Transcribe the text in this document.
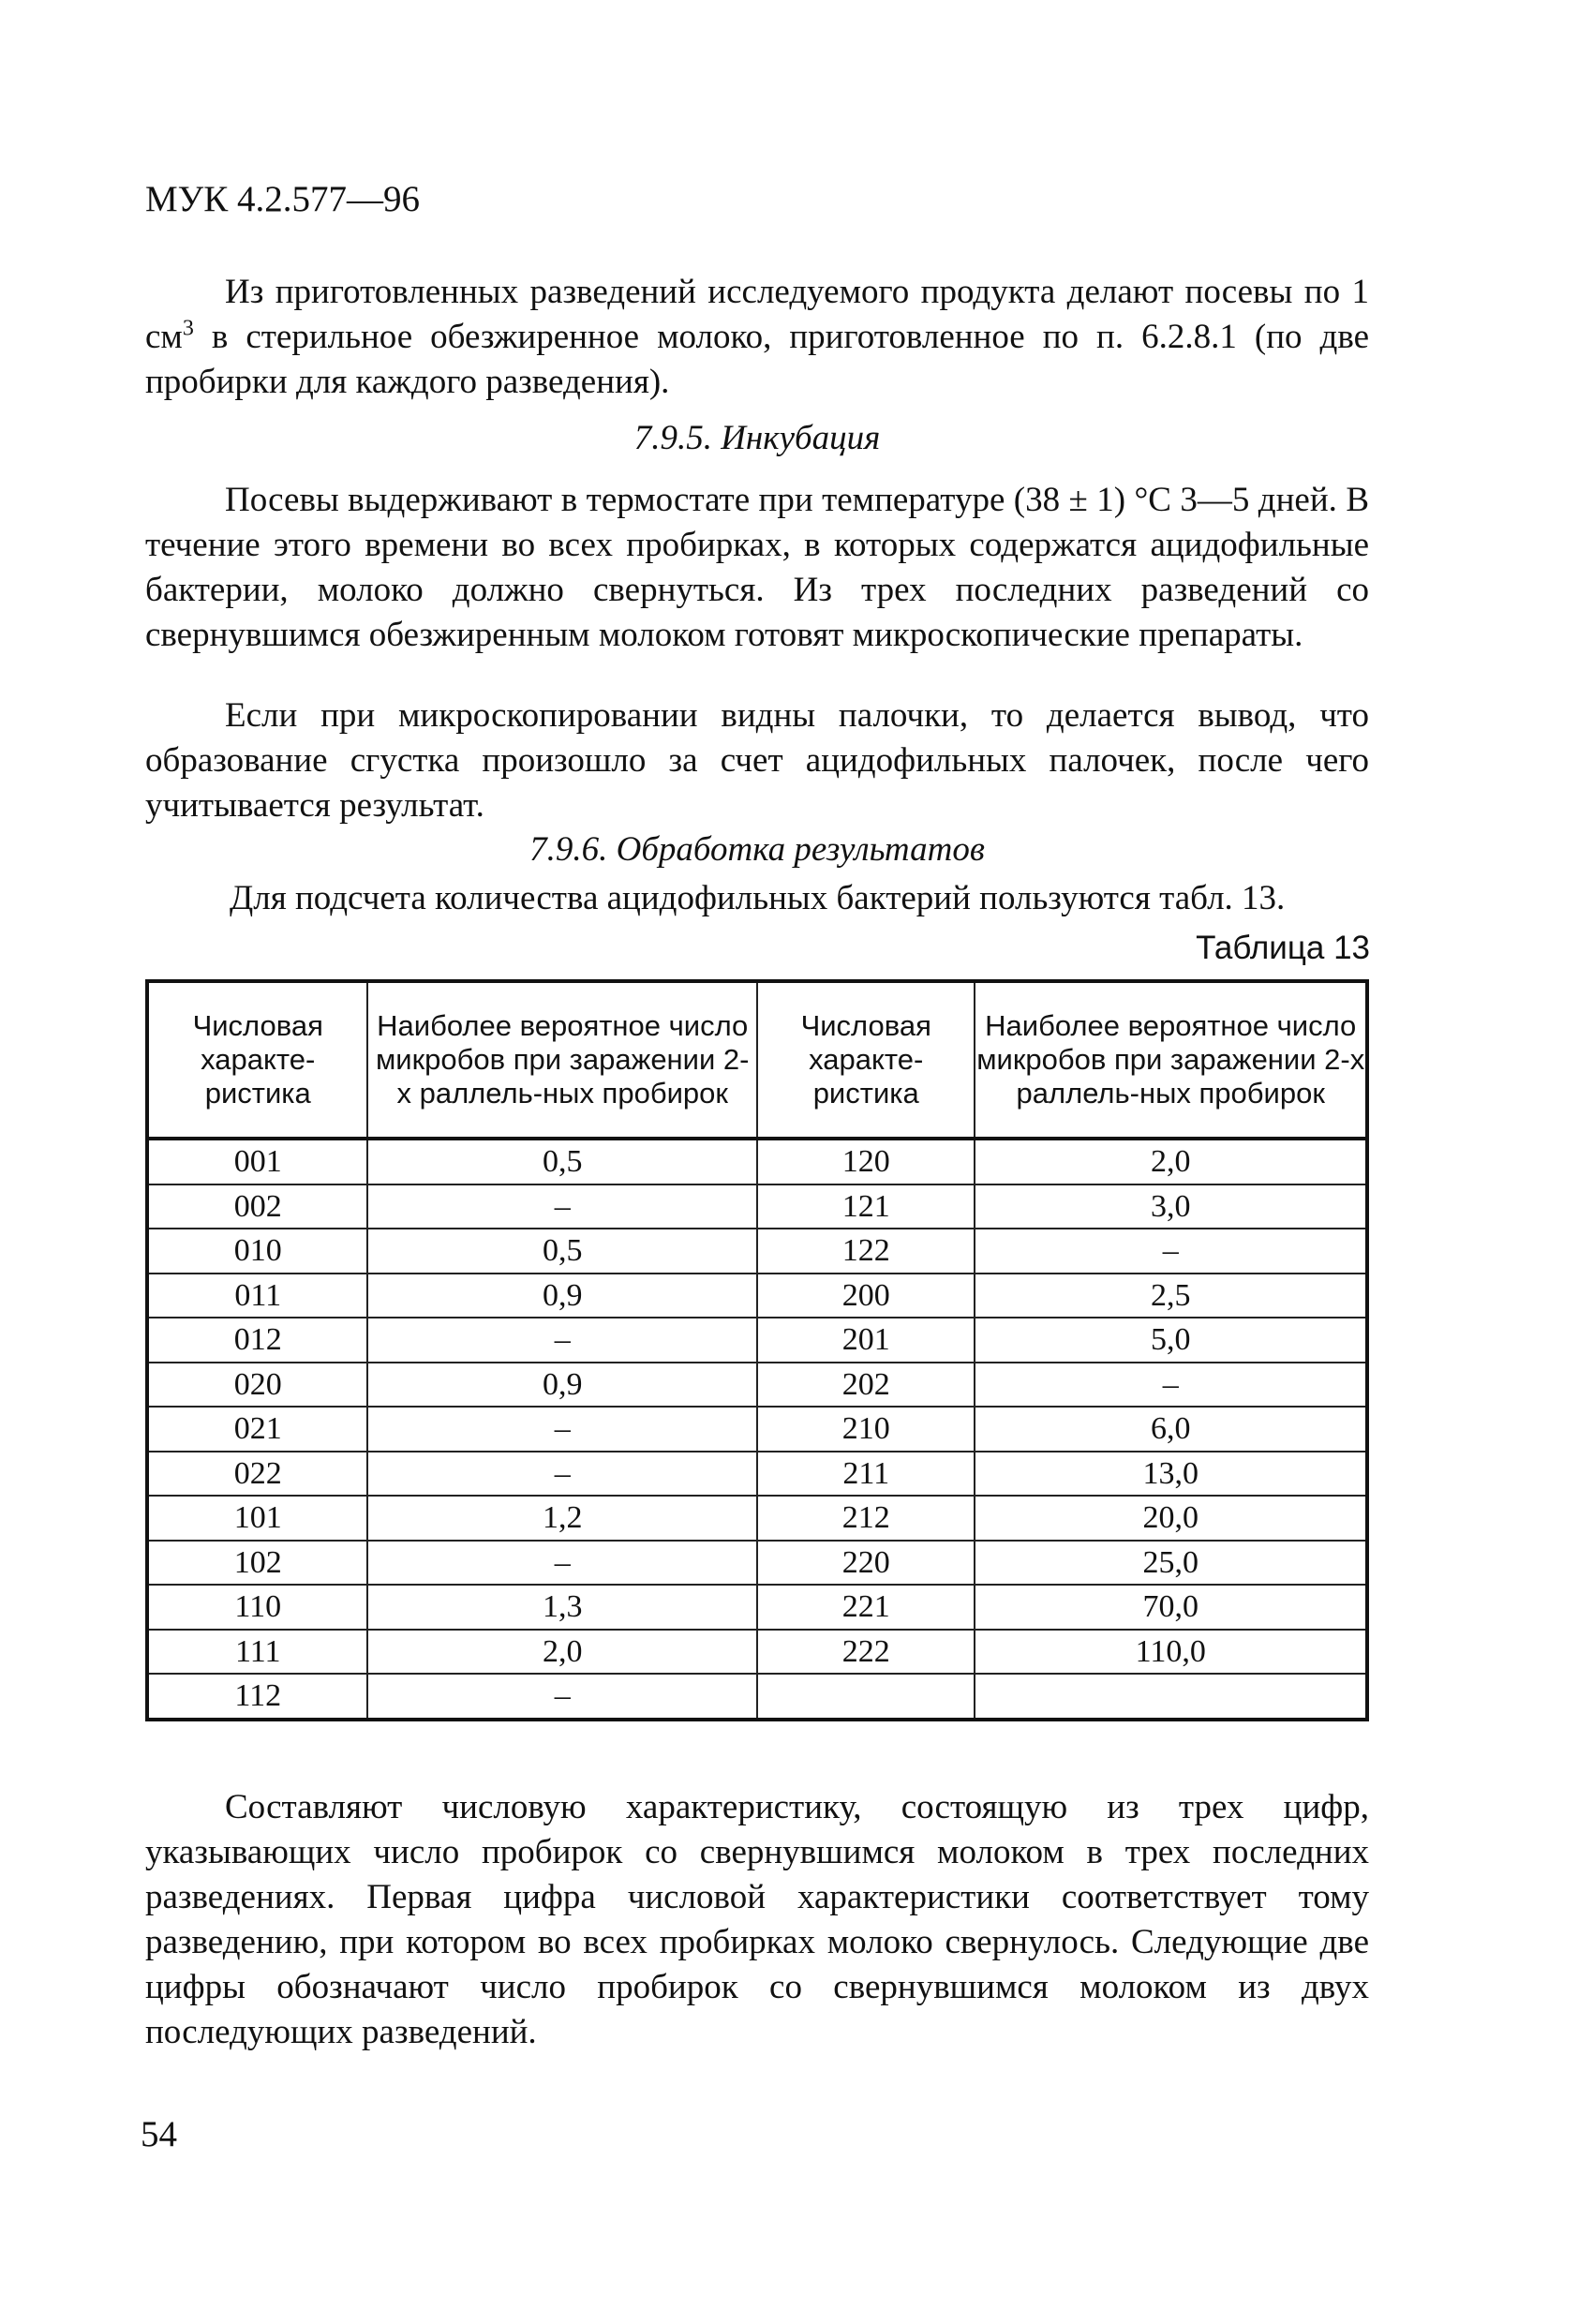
МУК 4.2.577—96

Из приготовленных разведений исследуемого продукта делают посевы по 1 $см^3$ в стерильное обезжиренное молоко, приготовленное по п. 6.2.8.1 (по две пробирки для каждого разведения).

7.9.5. Инкубация

Посевы выдерживают в термостате при температуре (38 ± 1) °С 3—5 дней. В течение этого времени во всех пробирках, в которых содержатся ацидофильные бактерии, молоко должно свернуться. Из трех последних разведений со свернувшимся обезжиренным молоком готовят микроскопические препараты.

Если при микроскопировании видны палочки, то делается вывод, что образование сгустка произошло за счет ацидофильных палочек, после чего учитывается результат.

7.9.6. Обработка результатов

Для подсчета количества ацидофильных бактерий пользуются табл. 13.

Таблица 13
Числовая характе-ристика	Наиболее вероятное число микробов при заражении 2-х раллель-ных пробирок	Числовая характе-ристика	Наиболее вероятное число микробов при заражении 2-х раллель-ных пробирок
001	0,5	120	2,0
002	–	121	3,0
010	0,5	122	–
011	0,9	200	2,5
012	–	201	5,0
020	0,9	202	–
021	–	210	6,0
022	–	211	13,0
101	1,2	212	20,0
102	–	220	25,0
110	1,3	221	70,0
111	2,0	222	110,0
112	–		

Составляют числовую характеристику, состоящую из трех цифр, указывающих число пробирок со свернувшимся молоком в трех последних разведениях. Первая цифра числовой характеристики соответствует тому разведению, при котором во всех пробирках молоко свернулось. Следующие две цифры обозначают число пробирок со свернувшимся молоком из двух последующих разведений.

54
